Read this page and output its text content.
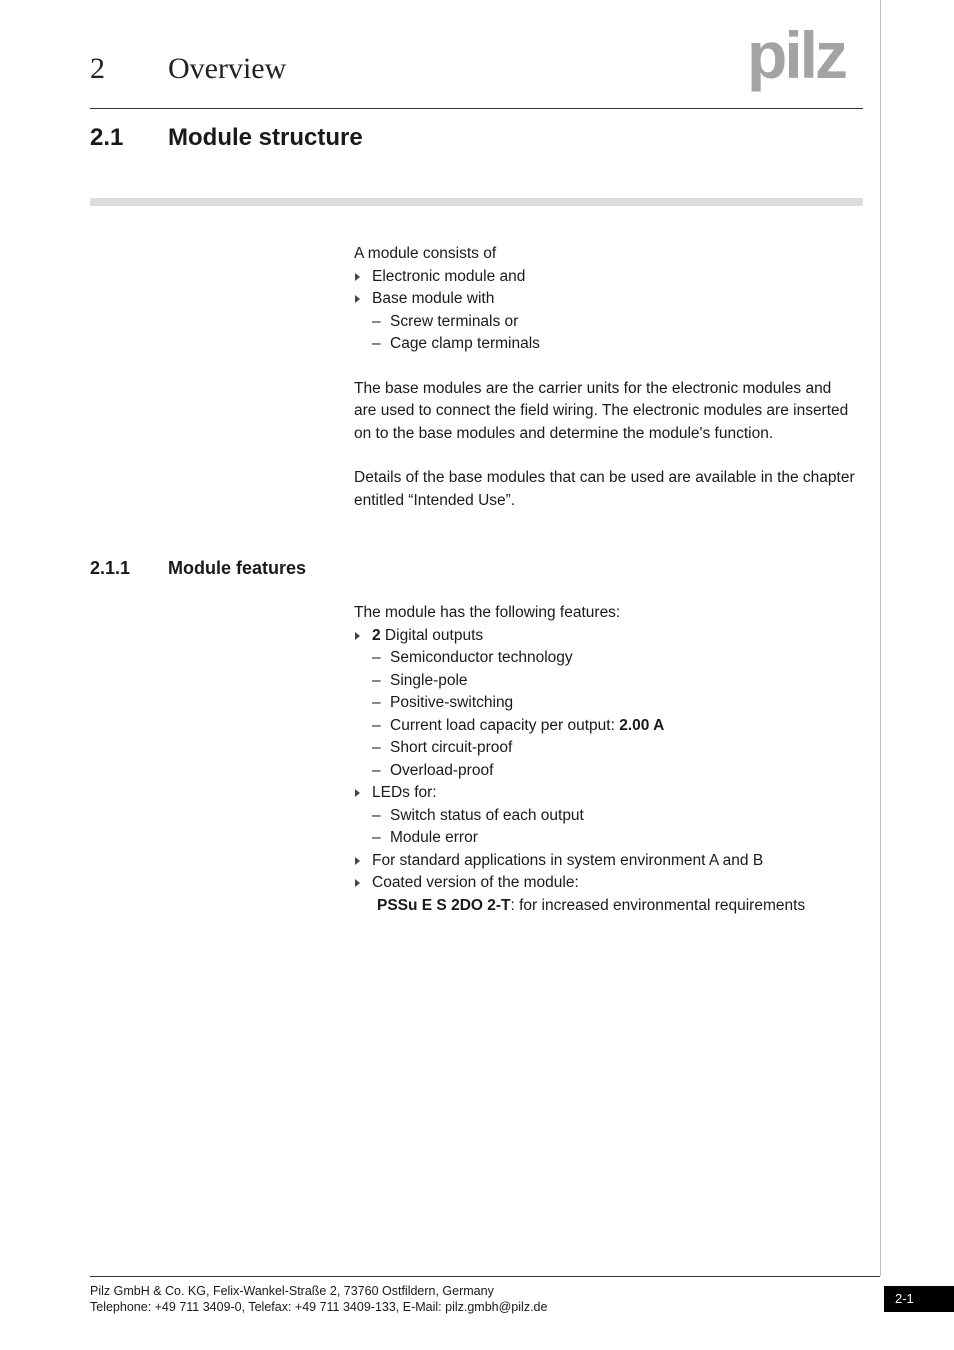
2 Overview	pilz
2.1 Module structure
A module consists of
Electronic module and
Base module with
– Screw terminals or
– Cage clamp terminals
The base modules are the carrier units for the electronic modules and
are used to connect the field wiring. The electronic modules are inserted
on to the base modules and determine the module's function.
Details of the base modules that can be used are available in the chapter
entitled “Intended Use”.
2.1.1 Module features
The module has the following features:
2 Digital outputs
– Semiconductor technology
– Single-pole
– Positive-switching
– Current load capacity per output: 2.00 A
– Short circuit-proof
– Overload-proof
LEDs for:
– Switch status of each output
– Module error
For standard applications in system environment A and B
Coated version of the module:
PSSu E S 2DO 2-T: for increased environmental requirements
Pilz GmbH & Co. KG, Felix-Wankel-Straße 2, 73760 Ostfildern, Germany
Telephone: +49 711 3409-0, Telefax: +49 711 3409-133, E-Mail: pilz.gmbh@pilz.de
2-1
